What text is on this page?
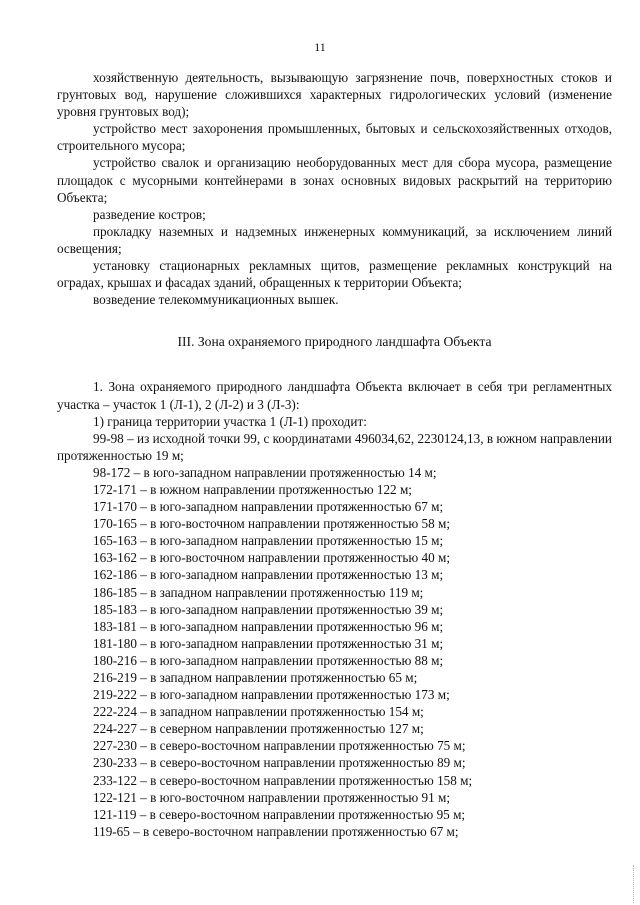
11

хозяйственную деятельность, вызывающую загрязнение почв, поверхностных стоков и грунтовых вод, нарушение сложившихся характерных гидрологических условий (изменение уровня грунтовых вод);

устройство мест захоронения промышленных, бытовых и сельскохозяйственных отходов, строительного мусора;

устройство свалок и организацию необорудованных мест для сбора мусора, размещение площадок с мусорными контейнерами в зонах основных видовых раскрытий на территорию Объекта;

разведение костров;

прокладку наземных и надземных инженерных коммуникаций, за исключением линий освещения;

установку стационарных рекламных щитов, размещение рекламных конструкций на оградах, крышах и фасадах зданий, обращенных к территории Объекта;

возведение телекоммуникационных вышек.

III. Зона охраняемого природного ландшафта Объекта

1. Зона охраняемого природного ландшафта Объекта включает в себя три регламентных участка – участок 1 (Л-1), 2 (Л-2) и 3 (Л-3):

1) граница территории участка 1 (Л-1) проходит:

99-98 – из исходной точки 99, с координатами 496034,62, 2230124,13, в южном направлении протяженностью 19 м;

98-172 – в юго-западном направлении протяженностью 14 м;

172-171 – в южном направлении протяженностью 122 м;

171-170 – в юго-западном направлении протяженностью 67 м;

170-165 – в юго-восточном направлении протяженностью 58 м;

165-163 – в юго-западном направлении протяженностью 15 м;

163-162 – в юго-восточном направлении протяженностью 40 м;

162-186 – в юго-западном направлении протяженностью 13 м;

186-185 – в западном направлении протяженностью 119 м;

185-183 – в юго-западном направлении протяженностью 39 м;

183-181 – в юго-западном направлении протяженностью 96 м;

181-180 – в юго-западном направлении протяженностью 31 м;

180-216 – в юго-западном направлении протяженностью 88 м;

216-219 – в западном направлении протяженностью 65 м;

219-222 – в юго-западном направлении протяженностью 173 м;

222-224 – в западном направлении протяженностью 154 м;

224-227 – в северном направлении протяженностью 127 м;

227-230 – в северо-восточном направлении протяженностью 75 м;

230-233 – в северо-восточном направлении протяженностью 89 м;

233-122 – в северо-восточном направлении протяженностью 158 м;

122-121 – в юго-восточном направлении протяженностью 91 м;

121-119 – в северо-восточном направлении протяженностью 95 м;

119-65 – в северо-восточном направлении протяженностью 67 м;
